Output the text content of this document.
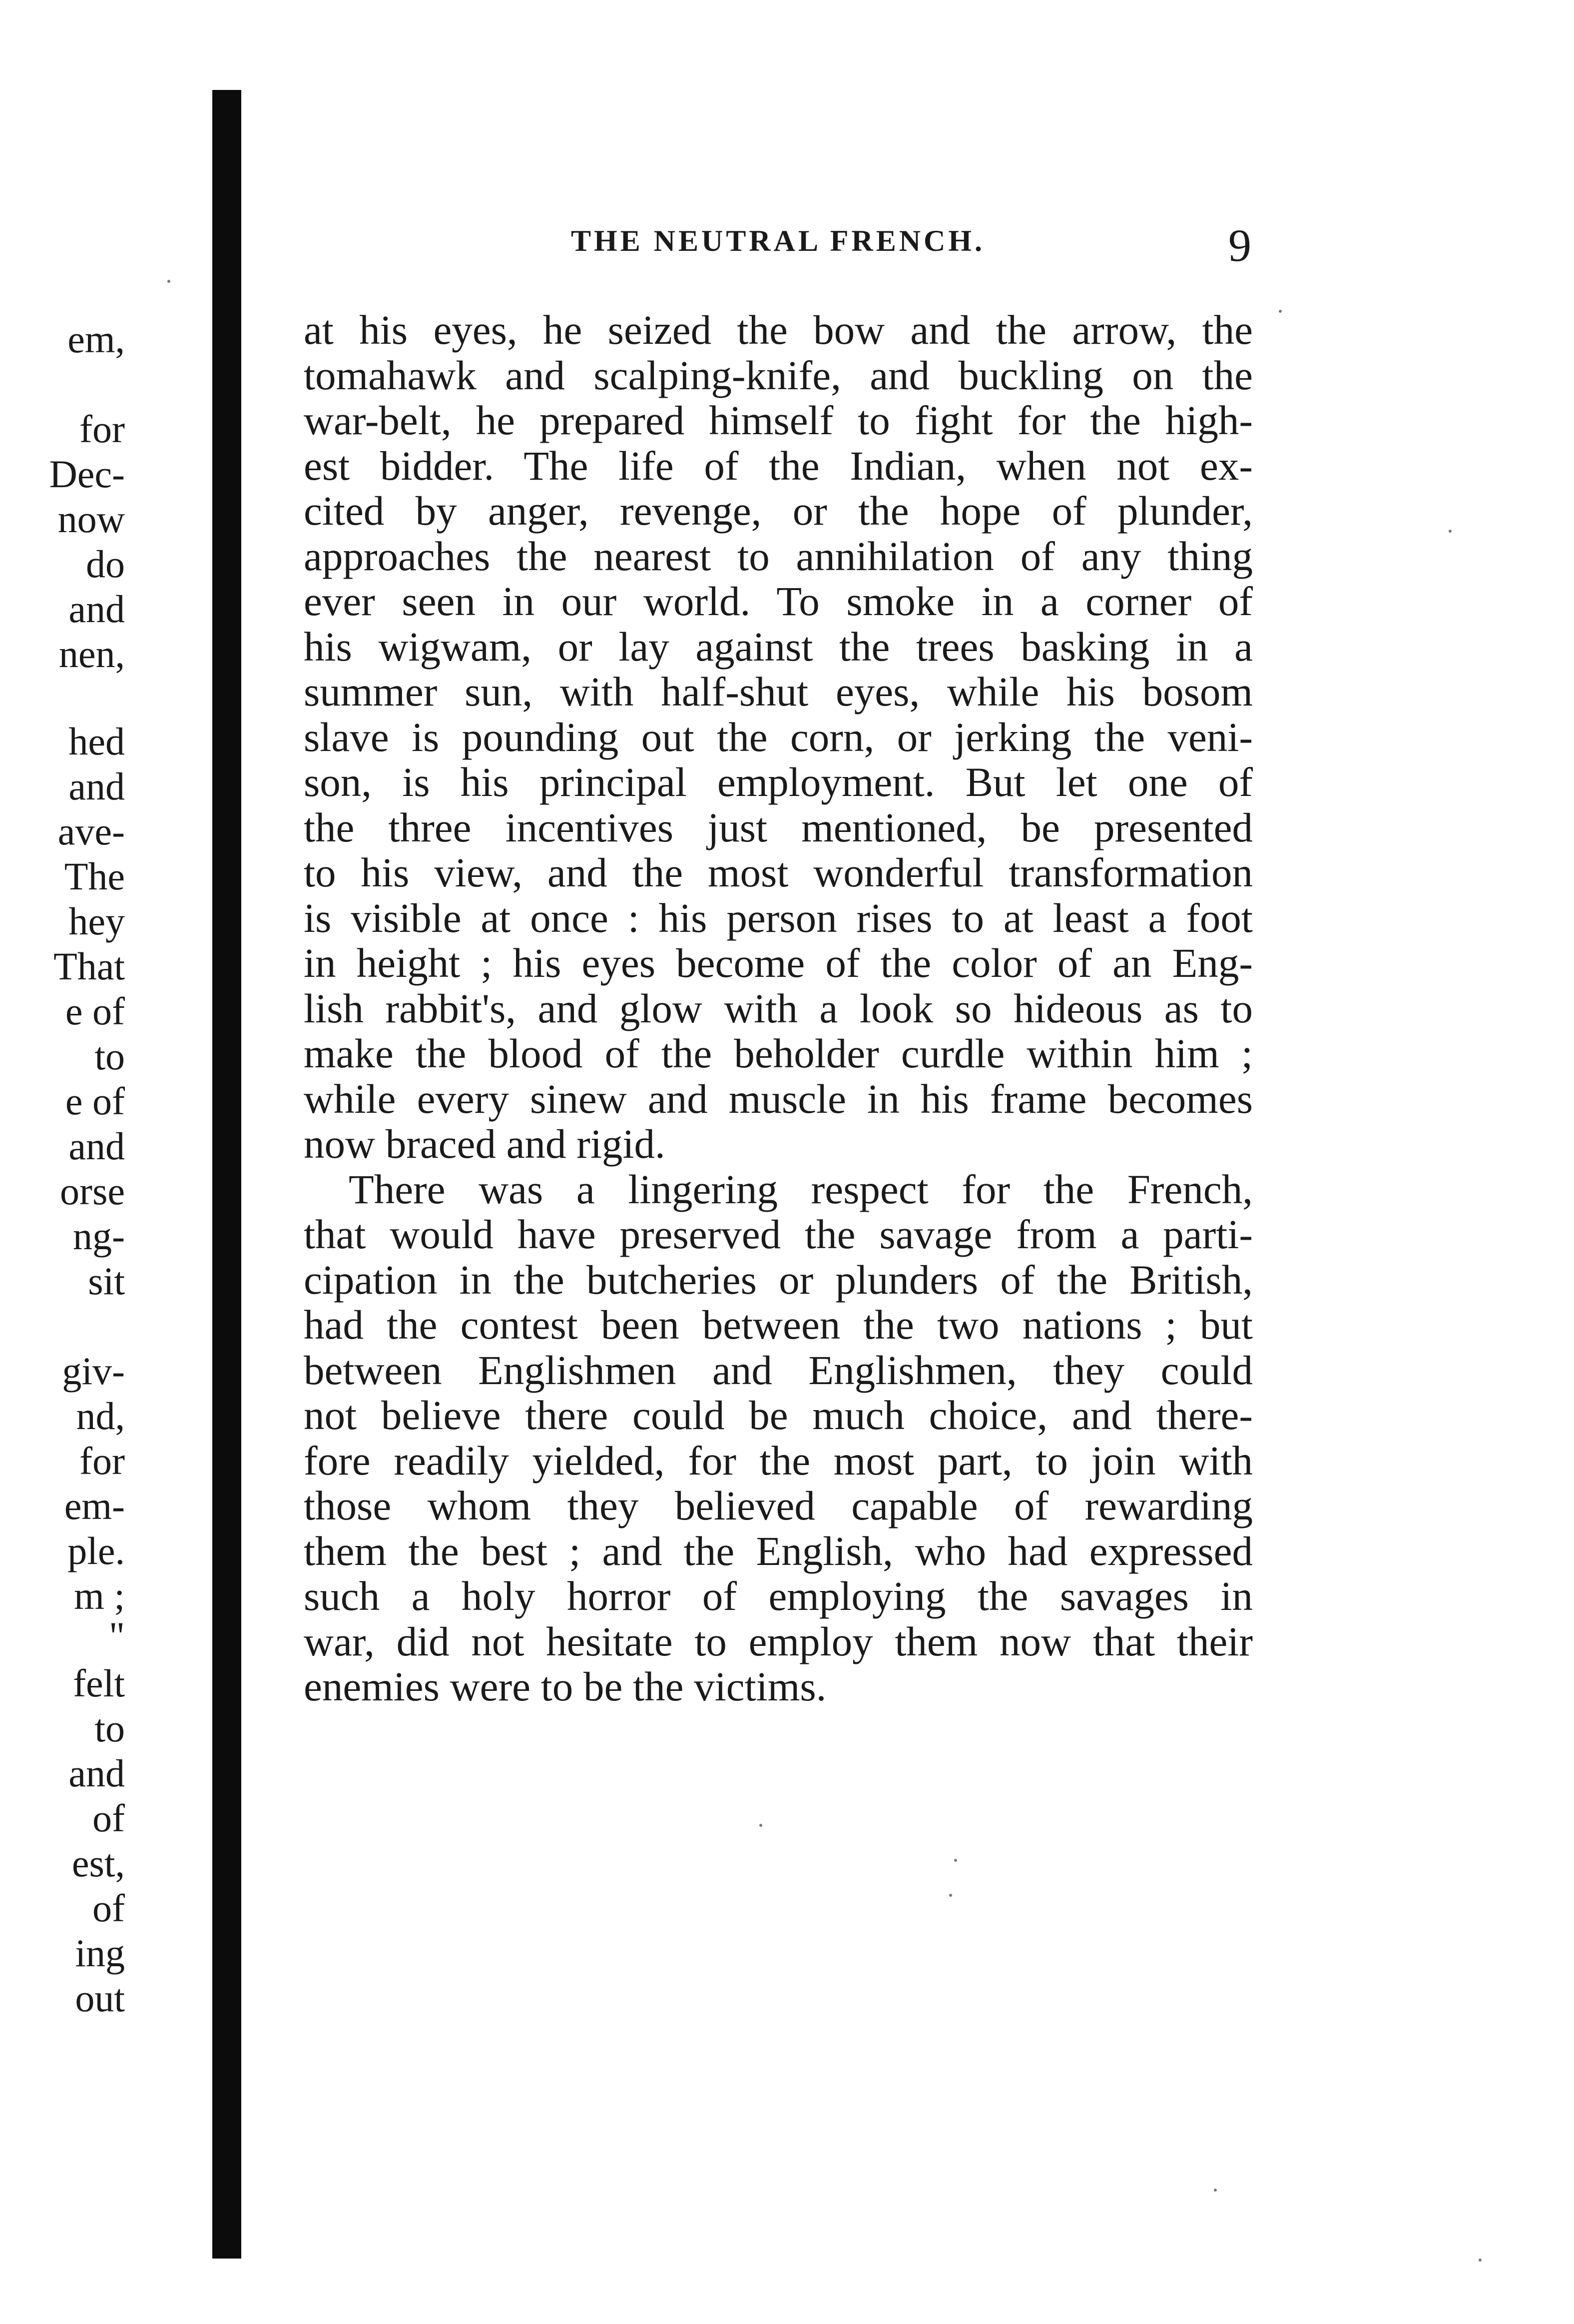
em,
for
Dec-
now
do
and
nen,
hed
and
ave-
The
hey
That
e of
to
e of
and
orse
ng-
sit
giv-
nd,
for
em-
ple.
m ;
"
felt
to
and
of
est,
of
ing
out
THE NEUTRAL FRENCH.	9
at his eyes, he seized the bow and the arrow, the
tomahawk and scalping-knife, and buckling on the
war-belt, he prepared himself to fight for the high-
est bidder. The life of the Indian, when not ex-
cited by anger, revenge, or the hope of plunder,
approaches the nearest to annihilation of any thing
ever seen in our world. To smoke in a corner of
his wigwam, or lay against the trees basking in a
summer sun, with half-shut eyes, while his bosom
slave is pounding out the corn, or jerking the veni-
son, is his principal employment. But let one of
the three incentives just mentioned, be presented
to his view, and the most wonderful transformation
is visible at once : his person rises to at least a foot
in height ; his eyes become of the color of an Eng-
lish rabbit's, and glow with a look so hideous as to
make the blood of the beholder curdle within him ;
while every sinew and muscle in his frame becomes
now braced and rigid.
There was a lingering respect for the French,
that would have preserved the savage from a parti-
cipation in the butcheries or plunders of the British,
had the contest been between the two nations ; but
between Englishmen and Englishmen, they could
not believe there could be much choice, and there-
fore readily yielded, for the most part, to join with
those whom they believed capable of rewarding
them the best ; and the English, who had expressed
such a holy horror of employing the savages in
war, did not hesitate to employ them now that their
enemies were to be the victims.
